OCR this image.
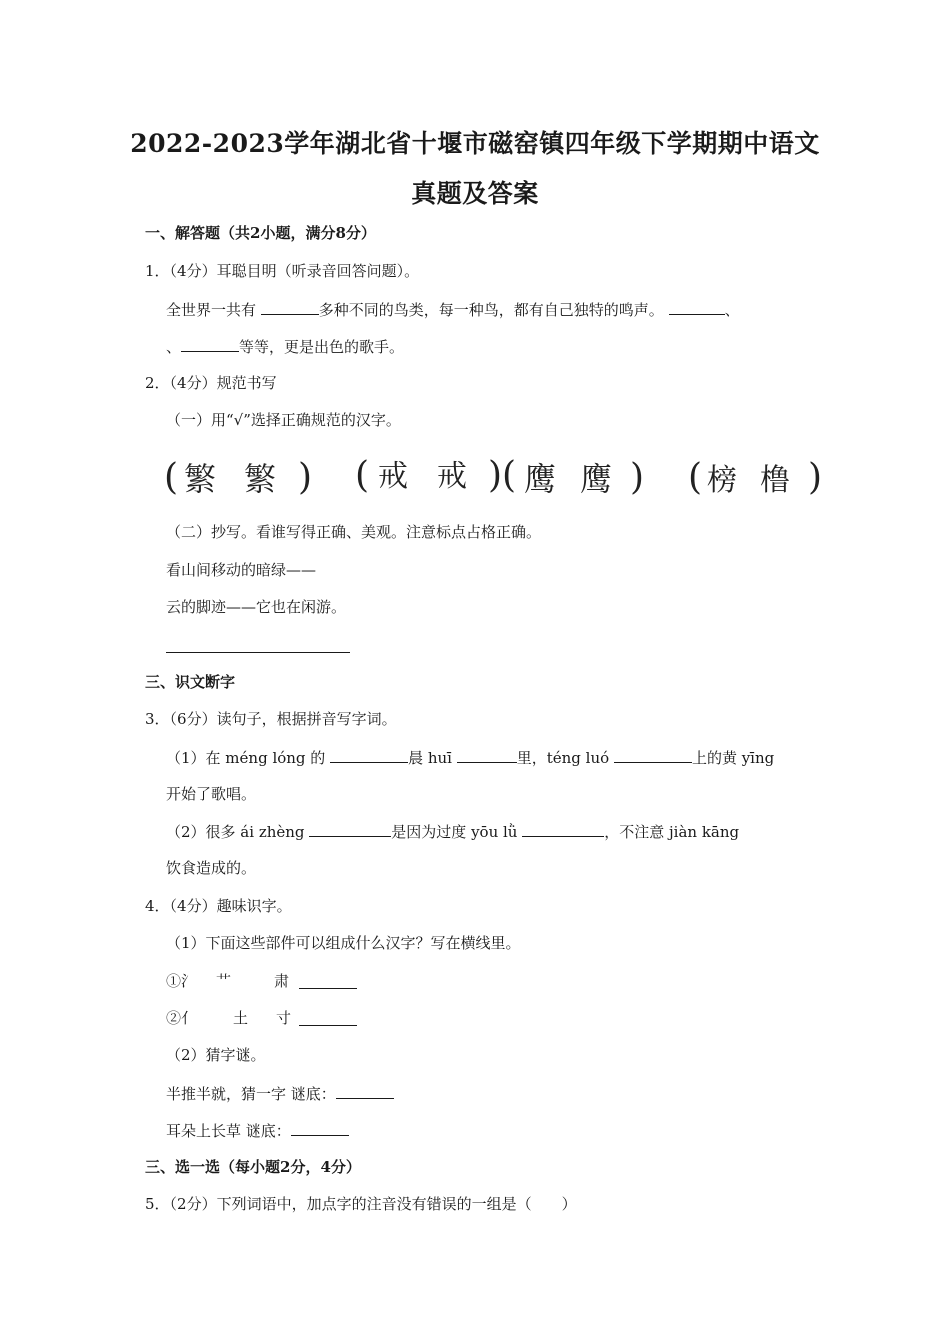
2022-2023学年湖北省十堰市磁窑镇四年级下学期期中语文
真题及答案
一、解答题（共2小题，满分8分）
1．（4分）耳聪目明（听录音回答问题）。
全世界一共有	多种不同的鸟类，每一种鸟，都有自己独特的鸣声。	、
、	等等，更是出色的歌手。
2．（4分）规范书写
（一）用“√”选择正确规范的汉字。
( 繁 繁 ) ( 戒 戒 )( 鹰 鹰 ) ( 榜 橹 )
（二）抄写。看谁写得正确、美观。注意标点占格正确。
看山间移动的暗绿——
云的脚迹——它也在闲游。
三、识文断字
3．（6分）读句子，根据拼音写字词。
（1）在 méng lóng 的	晨 huī	里，téng luó	上的黄 yīng
开始了歌唱。
（2）很多 ái zhèng	是因为过度 yōu lǜ	，不注意 jiàn kāng
饮食造成的。
4．（4分）趣味识字。
（1）下面这些部件可以组成什么汉字？写在横线里。
①氵 艹	肃
②亻 土 寸
（2）猜字谜。
半推半就，猜一字 谜底：
耳朵上长草 谜底：
三、选一选（每小题2分，4分）
5．（2分）下列词语中，加点字的注音没有错误的一组是（　　）
